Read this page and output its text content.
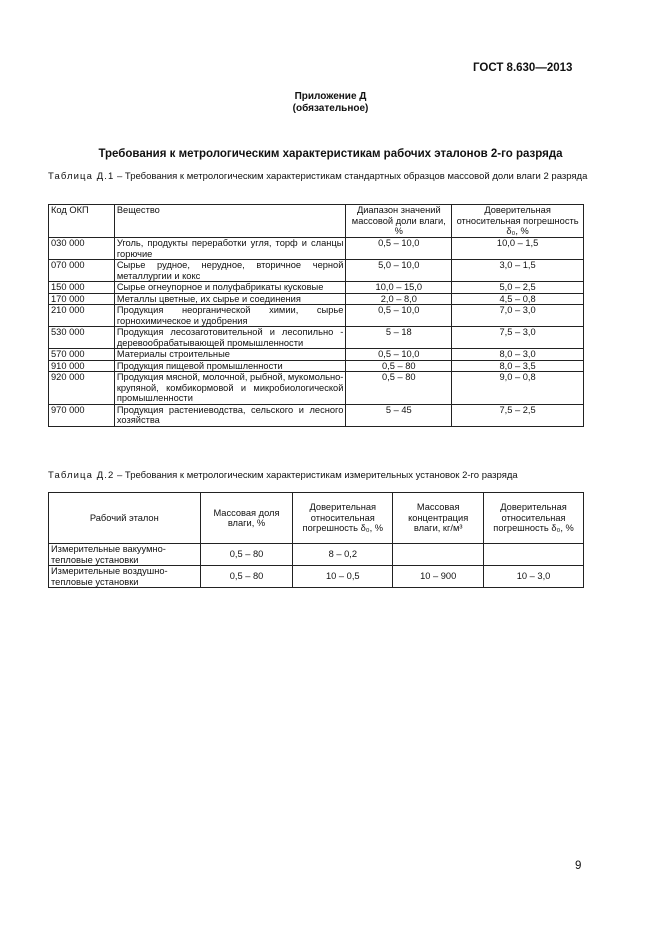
ГОСТ 8.630—2013
Приложение Д
(обязательное)
Требования к метрологическим характеристикам рабочих эталонов 2-го разряда
Таблица Д.1 – Требования к метрологическим характеристикам стандартных образцов массовой доли влаги 2 разряда
Код ОКП	Вещество	Диапазон значений массовой доли влаги, %	Доверительная относительная погрешность δ₀, %
030 000	Уголь, продукты переработки угля, торф и сланцы горючие	0,5 – 10,0	10,0 – 1,5
070 000	Сырье рудное, нерудное, вторичное черной металлургии и кокс	5,0 – 10,0	3,0 – 1,5
150 000	Сырье огнеупорное и полуфабрикаты кусковые	10,0 – 15,0	5,0 – 2,5
170 000	Металлы цветные, их сырье и соединения	2,0 – 8,0	4,5 – 0,8
210 000	Продукция неорганической химии, сырье горнохимическое и удобрения	0,5 – 10,0	7,0 – 3,0
530 000	Продукция лесозаготовительной и лесопильно - деревообрабатывающей промышленности	5 – 18	7,5 – 3,0
570 000	Материалы строительные	0,5 – 10,0	8,0 – 3,0
910 000	Продукция пищевой промышленности	0,5 – 80	8,0 – 3,5
920 000	Продукция мясной, молочной, рыбной, мукомольно-крупяной, комбикормовой и микробиологической промышленности	0,5 – 80	9,0 – 0,8
970 000	Продукция растениеводства, сельского и лесного хозяйства	5 – 45	7,5 – 2,5
Таблица Д.2 – Требования к метрологическим характеристикам измерительных установок 2-го разряда
Рабочий эталон	Массовая доля влаги, %	Доверительная относительная погрешность δ₀, %	Массовая концентрация влаги, кг/м³	Доверительная относительная погрешность δ₀, %
Измерительные вакуумно-тепловые установки	0,5 – 80	8 – 0,2		
Измерительные воздушно-тепловые установки	0,5 – 80	10 – 0,5	10 – 900	10 – 3,0
9
